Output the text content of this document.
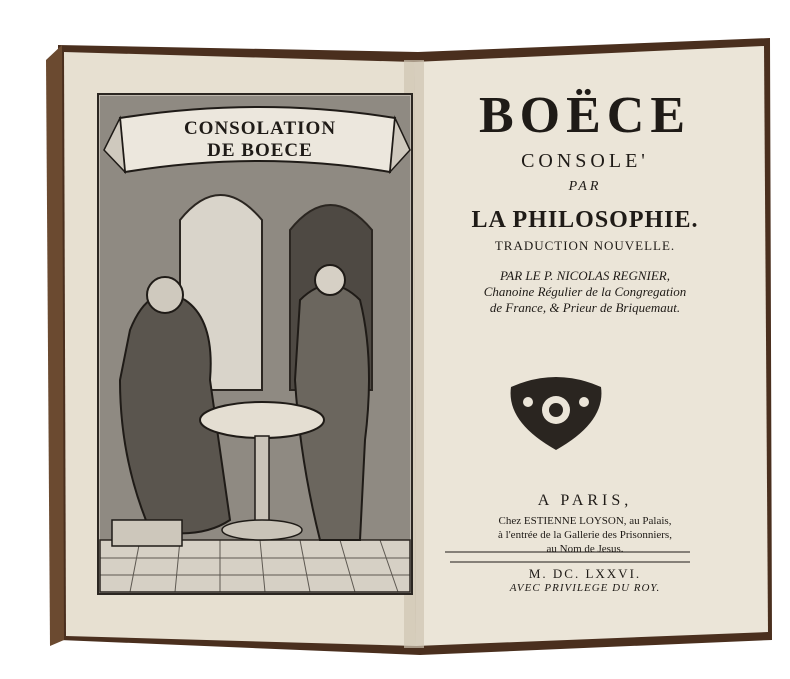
CONSOLATION
DE BOECE
BOËCE
CONSOLE'
PAR
LA PHILOSOPHIE.
TRADUCTION NOUVELLE.
PAR LE P. NICOLAS REGNIER,
Chanoine Régulier de la Congregation
de France, & Prieur de Briquemaut.
A PARIS,
Chez ESTIENNE LOYSON, au Palais,
à l'entrée de la Gallerie des Prisonniers,
au Nom de Jesus.
M. DC. LXXVI.
AVEC PRIVILEGE DU ROY.
